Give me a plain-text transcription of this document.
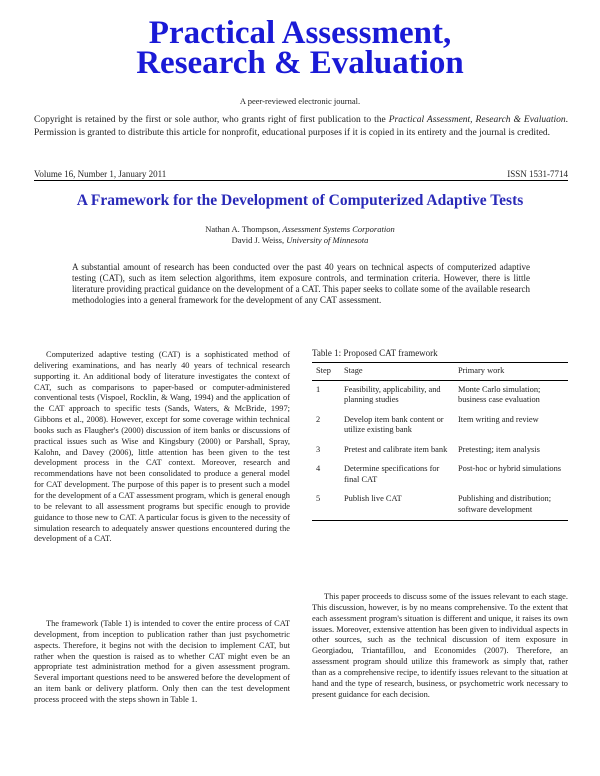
Practical Assessment,
Research & Evaluation
A peer-reviewed electronic journal.
Copyright is retained by the first or sole author, who grants right of first publication to the Practical Assessment, Research & Evaluation. Permission is granted to distribute this article for nonprofit, educational purposes if it is copied in its entirety and the journal is credited.
Volume 16, Number 1, January 2011	ISSN 1531-7714
A Framework for the Development of Computerized Adaptive Tests
Nathan A. Thompson, Assessment Systems Corporation
David J. Weiss, University of Minnesota
A substantial amount of research has been conducted over the past 40 years on technical aspects of computerized adaptive testing (CAT), such as item selection algorithms, item exposure controls, and termination criteria. However, there is little literature providing practical guidance on the development of a CAT. This paper seeks to collate some of the available research methodologies into a general framework for the development of any CAT assessment.
Computerized adaptive testing (CAT) is a sophisticated method of delivering examinations, and has nearly 40 years of technical research supporting it. An additional body of literature investigates the context of CAT, such as comparisons to paper-based or computer-administered conventional tests (Vispoel, Rocklin, & Wang, 1994) and the application of the CAT approach to specific tests (Sands, Waters, & McBride, 1997; Gibbons et al., 2008). However, except for some coverage within technical books such as Flaugher's (2000) discussion of item banks or discussions of practical issues such as Wise and Kingsbury (2000) or Parshall, Spray, Kalohn, and Davey (2006), little attention has been given to the test development process in the CAT context. Moreover, research and recommendations have not been consolidated to produce a general model for CAT development. The purpose of this paper is to present such a model for the development of a CAT assessment program, which is general enough to be relevant to all assessment programs but specific enough to provide guidance to those new to CAT. A particular focus is given to the necessity of simulation research to adequately answer questions encountered during the development of a CAT.
The framework (Table 1) is intended to cover the entire process of CAT development, from inception to publication rather than just psychometric aspects. Therefore, it begins not with the decision to implement CAT, but rather when the question is raised as to whether CAT might even be an appropriate test administration method for a given assessment program. Several important questions need to be answered before the development of an item bank or delivery platform. Only then can the test development process proceed with the steps shown in Table 1.
Table 1: Proposed CAT framework
Step	Stage	Primary work
1	Feasibility, applicability, and planning studies	Monte Carlo simulation; business case evaluation
2	Develop item bank content or utilize existing bank	Item writing and review
3	Pretest and calibrate item bank	Pretesting; item analysis
4	Determine specifications for final CAT	Post-hoc or hybrid simulations
5	Publish live CAT	Publishing and distribution; software development
This paper proceeds to discuss some of the issues relevant to each stage. This discussion, however, is by no means comprehensive. To the extent that each assessment program's situation is different and unique, it raises its own issues. Moreover, extensive attention has been given to individual aspects in other sources, such as the technical discussion of item exposure in Georgiadou, Triantafillou, and Economides (2007). Therefore, an assessment program should utilize this framework as simply that, rather than as a comprehensive recipe, to identify issues relevant to the situation at hand and the type of research, business, or psychometric work necessary to present guidance for each decision.
